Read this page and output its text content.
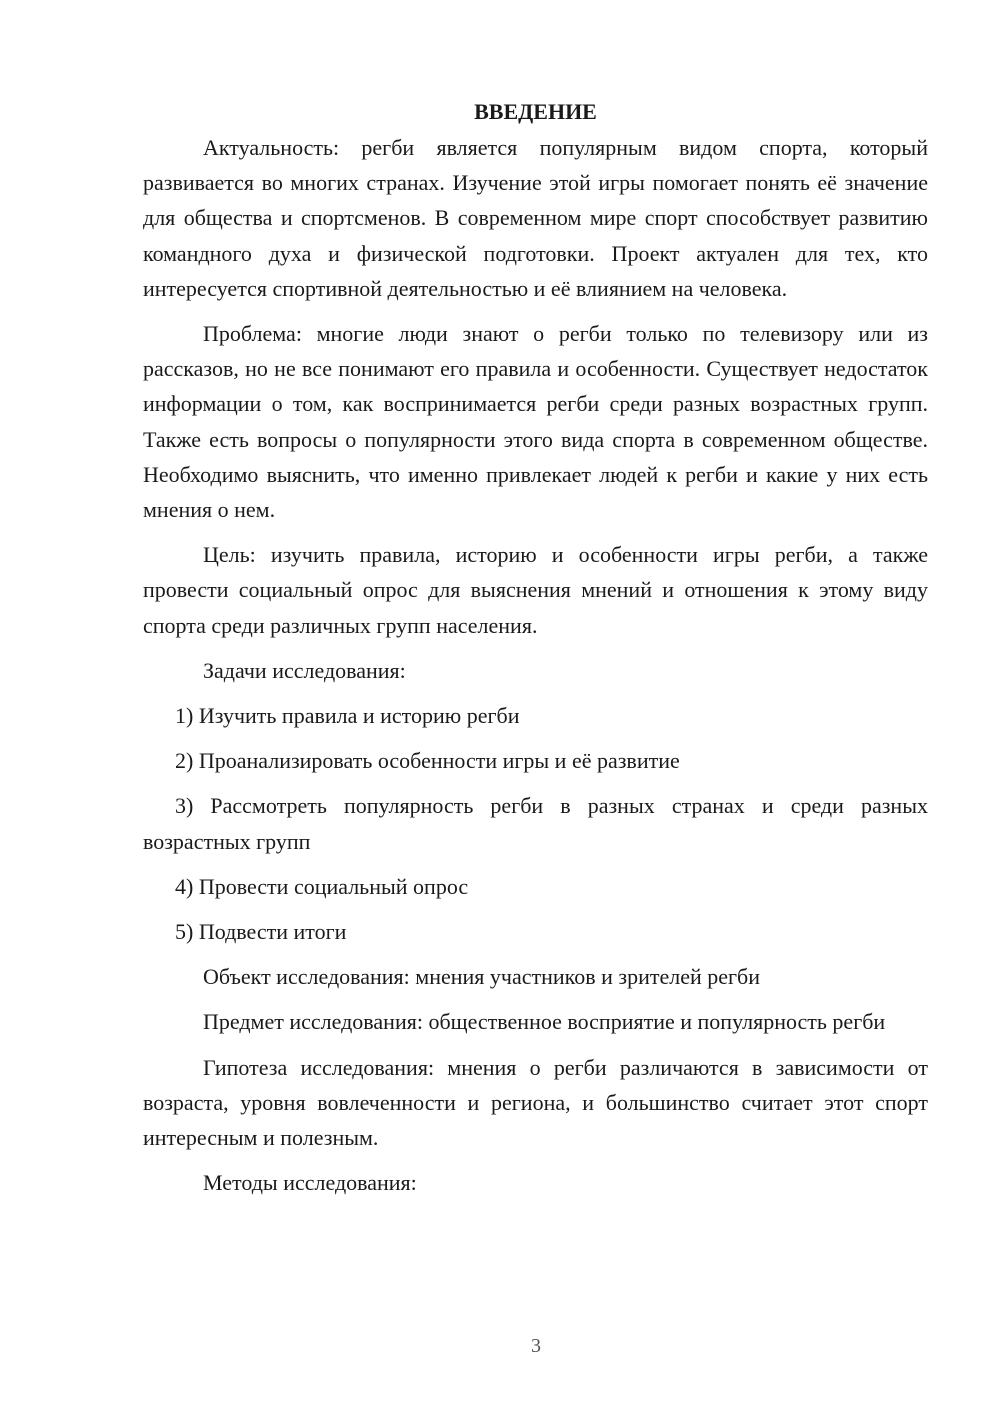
ВВЕДЕНИЕ

Актуальность: регби является популярным видом спорта, который развивается во многих странах. Изучение этой игры помогает понять её значение для общества и спортсменов. В современном мире спорт способствует развитию командного духа и физической подготовки. Проект актуален для тех, кто интересуется спортивной деятельностью и её влиянием на человека.

Проблема: многие люди знают о регби только по телевизору или из рассказов, но не все понимают его правила и особенности. Существует недостаток информации о том, как воспринимается регби среди разных возрастных групп. Также есть вопросы о популярности этого вида спорта в современном обществе. Необходимо выяснить, что именно привлекает людей к регби и какие у них есть мнения о нем.

Цель: изучить правила, историю и особенности игры регби, а также провести социальный опрос для выяснения мнений и отношения к этому виду спорта среди различных групп населения.

Задачи исследования:

1) Изучить правила и историю регби

2) Проанализировать особенности игры и её развитие

3) Рассмотреть популярность регби в разных странах и среди разных возрастных групп

4) Провести социальный опрос

5) Подвести итоги

Объект исследования: мнения участников и зрителей регби

Предмет исследования: общественное восприятие и популярность регби

Гипотеза исследования: мнения о регби различаются в зависимости от возраста, уровня вовлеченности и региона, и большинство считает этот спорт интересным и полезным.

Методы исследования:

3
